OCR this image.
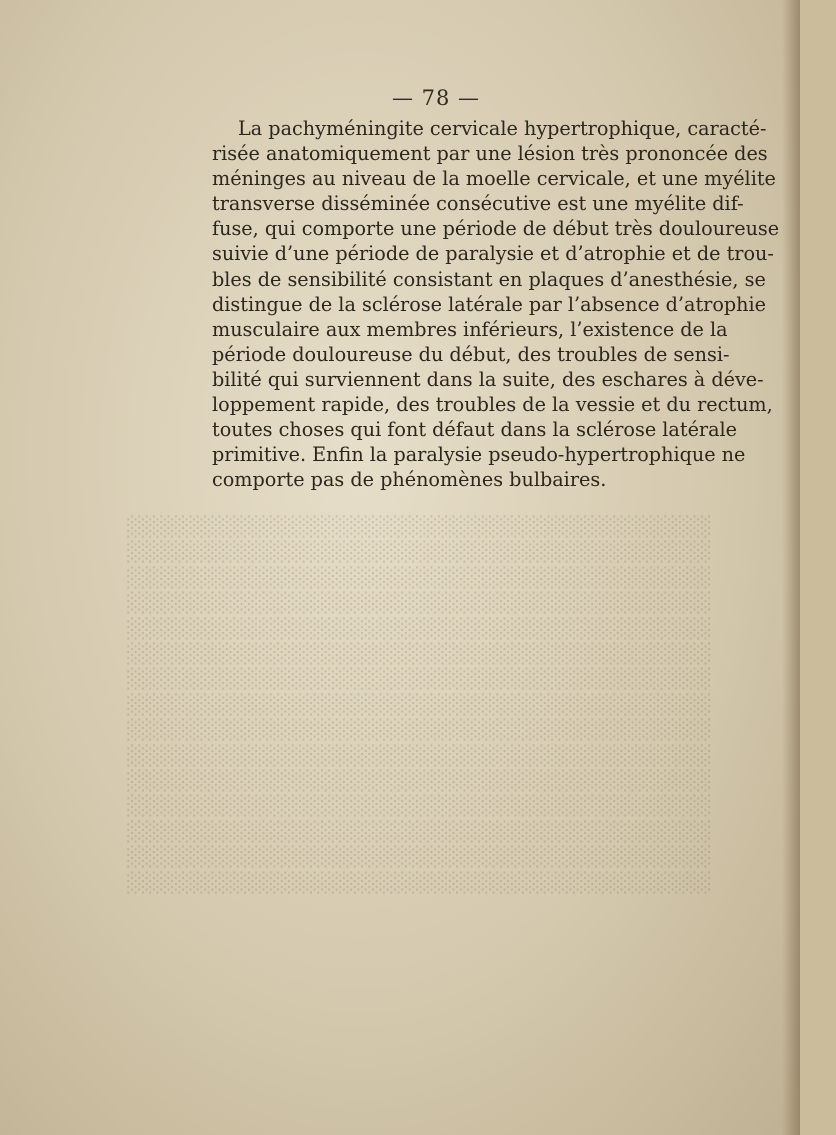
— 78 —
La pachyméningite cervicale hypertrophique, caracté-
risée anatomiquement par une lésion très prononcée des
méninges au niveau de la moelle cervicale, et une myélite
transverse disséminée consécutive est une myélite dif-
fuse, qui comporte une période de début très douloureuse
suivie d’une période de paralysie et d’atrophie et de trou-
bles de sensibilité consistant en plaques d’anesthésie, se
distingue de la sclérose latérale par l’absence d’atrophie
musculaire aux membres inférieurs, l’existence de la
période douloureuse du début, des troubles de sensi-
bilité qui surviennent dans la suite, des eschares à déve-
loppement rapide, des troubles de la vessie et du rectum,
toutes choses qui font défaut dans la sclérose latérale
primitive. Enfin la paralysie pseudo-hypertrophique ne
comporte pas de phénomènes bulbaires.
░░░░░░░░░░░░░░░░░░░░░░░░░░░░░░░░░░░░░░░░
░░░░░░░░░░░░░░░░░░░░░░░░░░░░░░░░░░░░░░░░
░░░░░░░░░░░░░░░░░░░░░░░░░░░░░░░░░░░░░░░░
░░░░░░░░░░░░░░░░░░░░░░░░░░░░░░░░░░░░░░░░
░░░░░░░░░░░░░░░░░░░░░░░░░░░░░░░░░░░░░░░░
░░░░░░░░░░░░░░░░░░░░░░░░░░░░░░░░░░░░░░░░
░░░░░░░░░░░░░░░░░░░░░░░░░░░░░░░░░░░░░░░░
░░░░░░░░░░░░░░░░░░░░░░░░░░░░░░░░░░░░░░░░
░░░░░░░░░░░░░░░░░░░░░░░░░░░░░░░░░░░░░░░░
░░░░░░░░░░░░░░░░░░░░░░░░░░░░░░░░░░░░░░░░
░░░░░░░░░░░░░░░░░░░░░░░░░░░░░░░░░░░░░░░░
░░░░░░░░░░░░░░░░░░░░░░░░░░░░░░░░░░░░░░░░
░░░░░░░░░░░░░░░░░░░░░░░░░░░░░░░░░░░░░░░░
░░░░░░░░░░░░░░░░░░░░░░░░░░░░░░░░░░░░░░░░
░░░░░░░░░░░░░░░░░░░░░░░░░░░░░░░░░░░░░░░░
